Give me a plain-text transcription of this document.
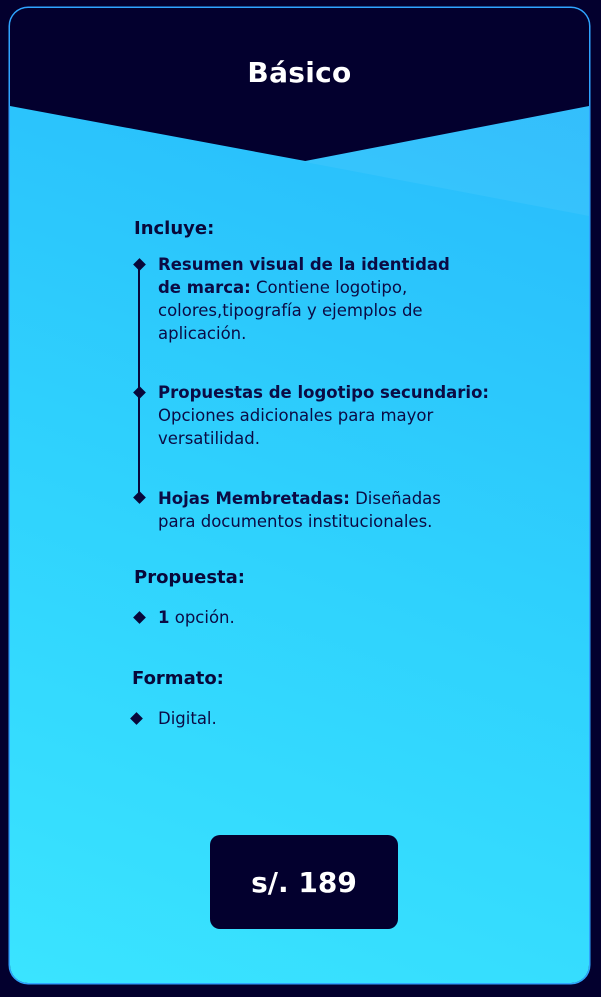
Básico
Incluye:
Resumen visual de la identidad de marca: Contiene logotipo, colores,tipografía y ejemplos de aplicación.
Propuestas de logotipo secundario: Opciones adicionales para mayor versatilidad.
Hojas Membretadas: Diseñadas para documentos institucionales.
Propuesta:
1 opción.
Formato:
Digital.
s/. 189
